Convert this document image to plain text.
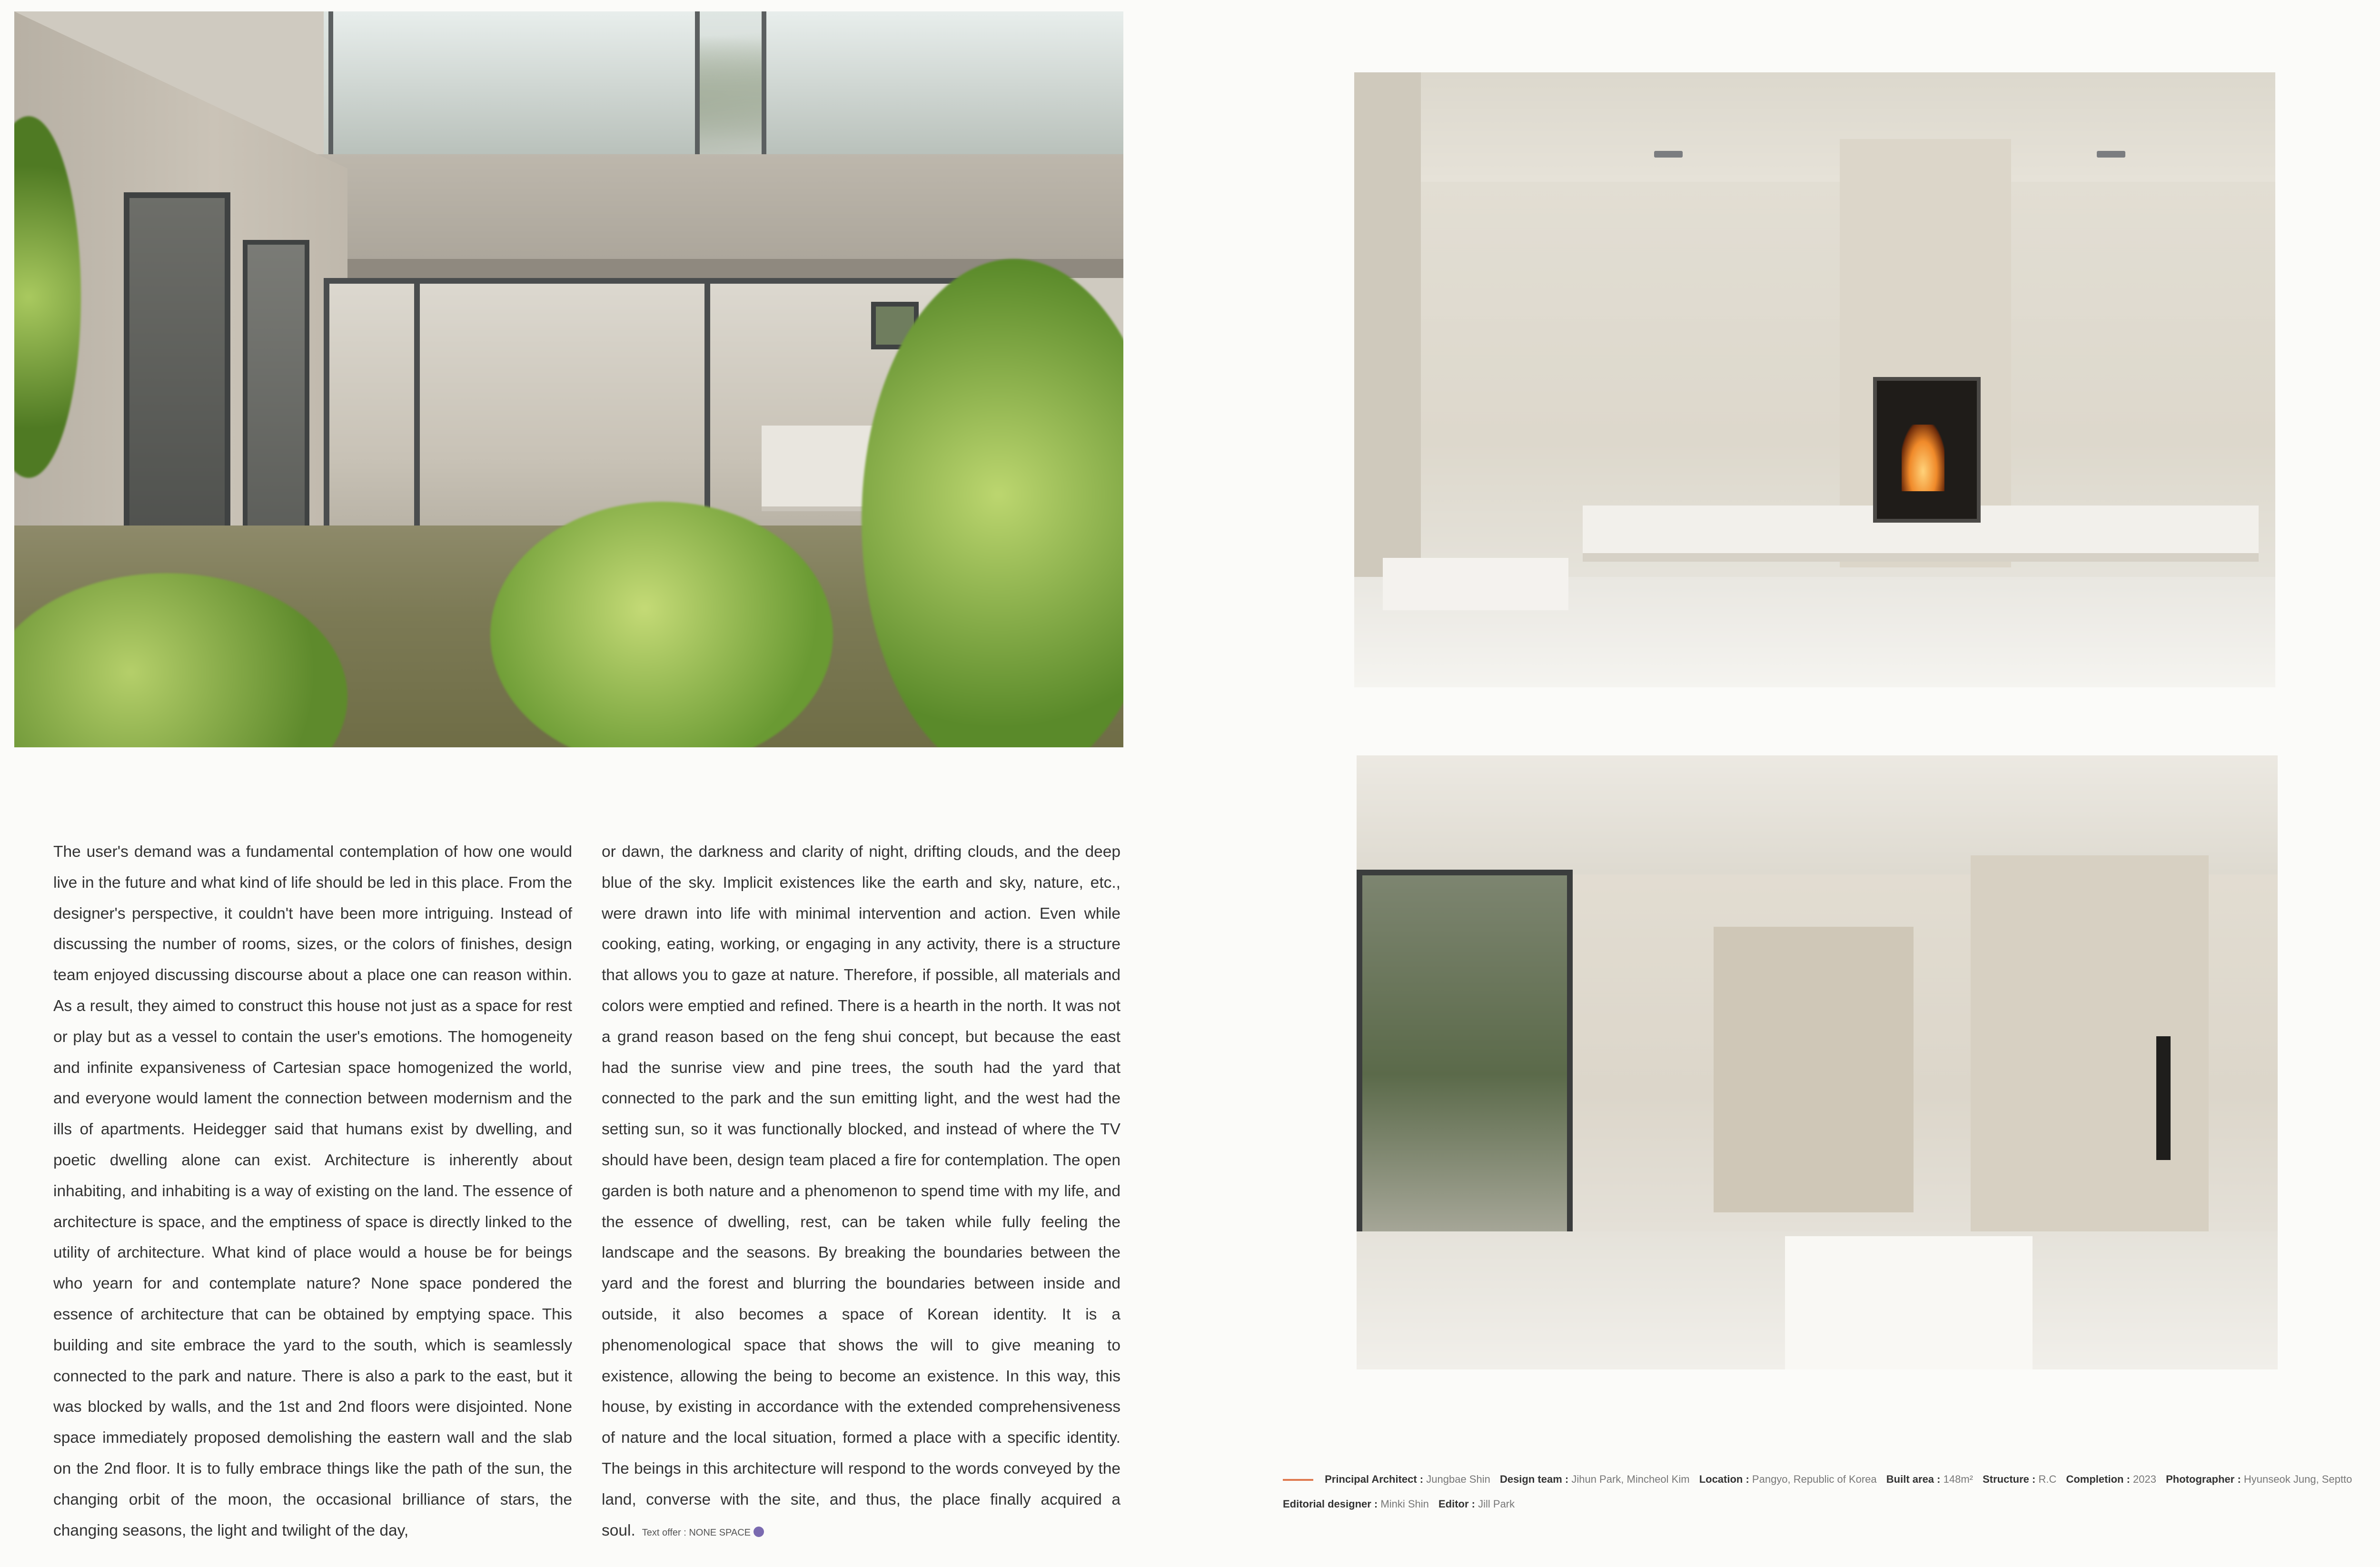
The user's demand was a fundamental contemplation of how one would live in the future and what kind of life should be led in this place. From the designer's perspective, it couldn't have been more intriguing. Instead of discussing the number of rooms, sizes, or the colors of finishes, design team enjoyed discussing discourse about a place one can reason within. As a result, they aimed to construct this house not just as a space for rest or play but as a vessel to contain the user's emotions. The homogeneity and infinite expansiveness of Cartesian space homogenized the world, and everyone would lament the connection between modernism and the ills of apartments. Heidegger said that humans exist by dwelling, and poetic dwelling alone can exist. Architecture is inherently about inhabiting, and inhabiting is a way of existing on the land. The essence of architecture is space, and the emptiness of space is directly linked to the utility of architecture. What kind of place would a house be for beings who yearn for and contemplate nature? None space pondered the essence of architecture that can be obtained by emptying space. This building and site embrace the yard to the south, which is seamlessly connected to the park and nature. There is also a park to the east, but it was blocked by walls, and the 1st and 2nd floors were disjointed. None space immediately proposed demolishing the eastern wall and the slab on the 2nd floor. It is to fully embrace things like the path of the sun, the changing orbit of the moon, the occasional brilliance of stars, the changing seasons, the light and twilight of the day,

or dawn, the darkness and clarity of night, drifting clouds, and the deep blue of the sky. Implicit existences like the earth and sky, nature, etc., were drawn into life with minimal intervention and action. Even while cooking, eating, working, or engaging in any activity, there is a structure that allows you to gaze at nature. Therefore, if possible, all materials and colors were emptied and refined. There is a hearth in the north. It was not a grand reason based on the feng shui concept, but because the east had the sunrise view and pine trees, the south had the yard that connected to the park and the sun emitting light, and the west had the setting sun, so it was functionally blocked, and instead of where the TV should have been, design team placed a fire for contemplation. The open garden is both nature and a phenomenon to spend time with my life, and the essence of dwelling, rest, can be taken while fully feeling the landscape and the seasons. By breaking the boundaries between the yard and the forest and blurring the boundaries between inside and outside, it also becomes a space of Korean identity. It is a phenomenological space that shows the will to give meaning to existence, allowing the being to become an existence. In this way, this house, by existing in accordance with the extended comprehensiveness of nature and the local situation, formed a place with a specific identity. The beings in this architecture will respond to the words conveyed by the land, converse with the site, and thus, the place finally acquired a soul. Text offer : NONE SPACE

Principal Architect : Jungbae Shin Design team : Jihun Park, Mincheol Kim Location : Pangyo, Republic of Korea Built area : 148m² Structure : R.C Completion : 2023 Photographer : Hyunseok Jung, Septto Editorial designer : Minki Shin Editor : Jill Park
